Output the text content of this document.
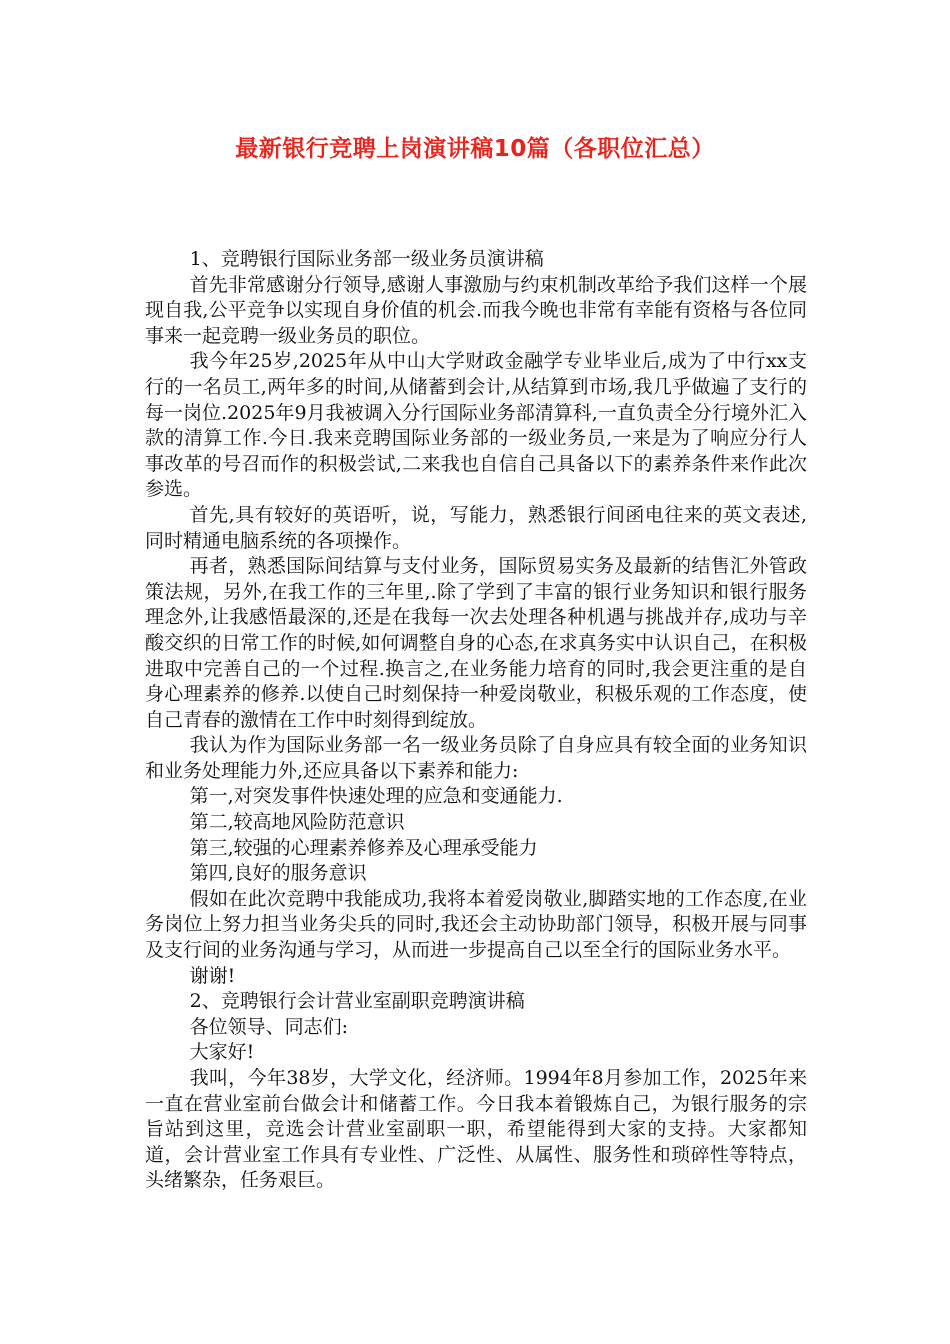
最新银行竞聘上岗演讲稿10篇（各职位汇总）

1、竞聘银行国际业务部一级业务员演讲稿

首先非常感谢分行领导,感谢人事激励与约束机制改革给予我们这样一个展现自我,公平竞争以实现自身价值的机会.而我今晚也非常有幸能有资格与各位同事来一起竞聘一级业务员的职位。

我今年25岁,2025年从中山大学财政金融学专业毕业后,成为了中行xx支行的一名员工,两年多的时间,从储蓄到会计,从结算到市场,我几乎做遍了支行的每一岗位.2025年9月我被调入分行国际业务部清算科,一直负责全分行境外汇入款的清算工作.今日.我来竞聘国际业务部的一级业务员,一来是为了响应分行人事改革的号召而作的积极尝试,二来我也自信自己具备以下的素养条件来作此次参选。

首先,具有较好的英语听，说，写能力，熟悉银行间函电往来的英文表述,同时精通电脑系统的各项操作。

再者，熟悉国际间结算与支付业务，国际贸易实务及最新的结售汇外管政策法规，另外,在我工作的三年里,.除了学到了丰富的银行业务知识和银行服务理念外,让我感悟最深的,还是在我每一次去处理各种机遇与挑战并存,成功与辛酸交织的日常工作的时候,如何调整自身的心态,在求真务实中认识自己，在积极进取中完善自己的一个过程.换言之,在业务能力培育的同时,我会更注重的是自身心理素养的修养.以使自己时刻保持一种爱岗敬业，积极乐观的工作态度，使自己青春的激情在工作中时刻得到绽放。

我认为作为国际业务部一名一级业务员除了自身应具有较全面的业务知识和业务处理能力外,还应具备以下素养和能力:

第一,对突发事件快速处理的应急和变通能力.

第二,较高地风险防范意识

第三,较强的心理素养修养及心理承受能力

第四,良好的服务意识

假如在此次竞聘中我能成功,我将本着爱岗敬业,脚踏实地的工作态度,在业务岗位上努力担当业务尖兵的同时,我还会主动协助部门领导，积极开展与同事及支行间的业务沟通与学习，从而进一步提高自己以至全行的国际业务水平。

谢谢!

2、竞聘银行会计营业室副职竞聘演讲稿

各位领导、同志们:

大家好!

我叫，今年38岁，大学文化，经济师。1994年8月参加工作，2025年来一直在营业室前台做会计和储蓄工作。今日我本着锻炼自己，为银行服务的宗旨站到这里，竞选会计营业室副职一职，希望能得到大家的支持。大家都知道，会计营业室工作具有专业性、广泛性、从属性、服务性和琐碎性等特点，头绪繁杂，任务艰巨。
